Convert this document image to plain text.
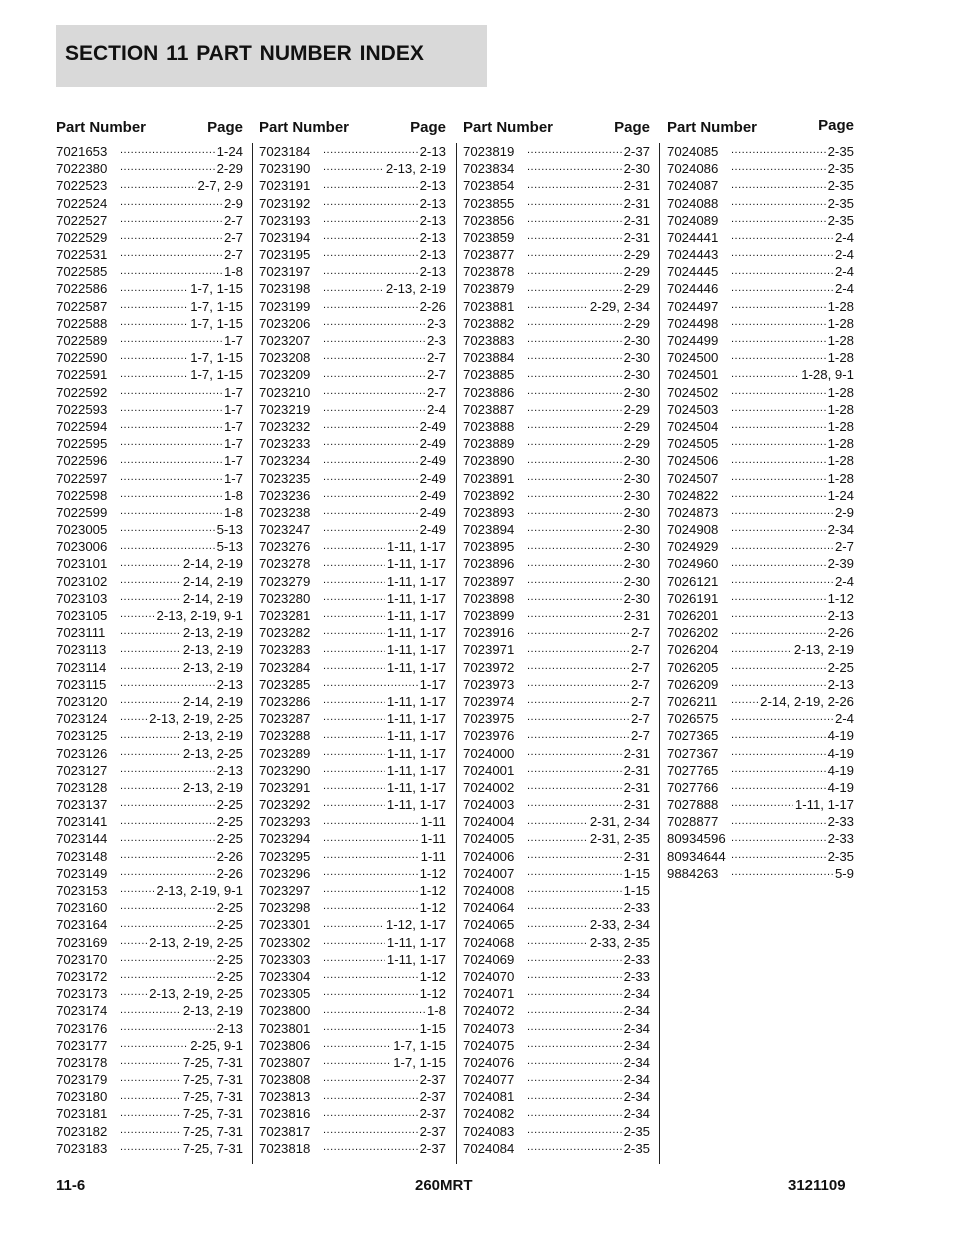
SECTION 11 PART NUMBER INDEX
Part Number	Page
7021653 .....	1-24
7022380 .....	2-29
7022523 .....	2-7, 2-9
7022524 .....	2-9
7022527 .....	2-7
7022529 .....	2-7
7022531 .....	2-7
7022585 .....	1-8
7022586 .....	1-7, 1-15
7022587 .....	1-7, 1-15
7022588 .....	1-7, 1-15
7022589 .....	1-7
7022590 .....	1-7, 1-15
7022591 .....	1-7, 1-15
7022592 .....	1-7
7022593 .....	1-7
7022594 .....	1-7
7022595 .....	1-7
7022596 .....	1-7
7022597 .....	1-7
7022598 .....	1-8
7022599 .....	1-8
7023005 .....	5-13
7023006 .....	5-13
7023101 .....	2-14, 2-19
7023102 .....	2-14, 2-19
7023103 .....	2-14, 2-19
7023105 .....	2-13, 2-19, 9-1
7023111 .....	2-13, 2-19
7023113 .....	2-13, 2-19
7023114 .....	2-13, 2-19
7023115 .....	2-13
7023120 .....	2-14, 2-19
7023124 .....	2-13, 2-19, 2-25
7023125 .....	2-13, 2-19
7023126 .....	2-13, 2-25
7023127 .....	2-13
7023128 .....	2-13, 2-19
7023137 .....	2-25
7023141 .....	2-25
7023144 .....	2-25
7023148 .....	2-26
7023149 .....	2-26
7023153 .....	2-13, 2-19, 9-1
7023160 .....	2-25
7023164 .....	2-25
7023169 .....	2-13, 2-19, 2-25
7023170 .....	2-25
7023172 .....	2-25
7023173 .....	2-13, 2-19, 2-25
7023174 .....	2-13, 2-19
7023176 .....	2-13
7023177 .....	2-25, 9-1
7023178 .....	7-25, 7-31
7023179 .....	7-25, 7-31
7023180 .....	7-25, 7-31
7023181 .....	7-25, 7-31
7023182 .....	7-25, 7-31
7023183 .....	7-25, 7-31
Part Number	Page
7023184 .....	2-13
7023190 .....	2-13, 2-19
7023191 .....	2-13
7023192 .....	2-13
7023193 .....	2-13
7023194 .....	2-13
7023195 .....	2-13
7023197 .....	2-13
7023198 .....	2-13, 2-19
7023199 .....	2-26
7023206 .....	2-3
7023207 .....	2-3
7023208 .....	2-7
7023209 .....	2-7
7023210 .....	2-7
7023219 .....	2-4
7023232 .....	2-49
7023233 .....	2-49
7023234 .....	2-49
7023235 .....	2-49
7023236 .....	2-49
7023238 .....	2-49
7023247 .....	2-49
7023276 .....	1-11, 1-17
7023278 .....	1-11, 1-17
7023279 .....	1-11, 1-17
7023280 .....	1-11, 1-17
7023281 .....	1-11, 1-17
7023282 .....	1-11, 1-17
7023283 .....	1-11, 1-17
7023284 .....	1-11, 1-17
7023285 .....	1-17
7023286 .....	1-11, 1-17
7023287 .....	1-11, 1-17
7023288 .....	1-11, 1-17
7023289 .....	1-11, 1-17
7023290 .....	1-11, 1-17
7023291 .....	1-11, 1-17
7023292 .....	1-11, 1-17
7023293 .....	1-11
7023294 .....	1-11
7023295 .....	1-11
7023296 .....	1-12
7023297 .....	1-12
7023298 .....	1-12
7023301 .....	1-12, 1-17
7023302 .....	1-11, 1-17
7023303 .....	1-11, 1-17
7023304 .....	1-12
7023305 .....	1-12
7023800 .....	1-8
7023801 .....	1-15
7023806 .....	1-7, 1-15
7023807 .....	1-7, 1-15
7023808 .....	2-37
7023813 .....	2-37
7023816 .....	2-37
7023817 .....	2-37
7023818 .....	2-37
Part Number	Page
7023819 .....	2-37
7023834 .....	2-30
7023854 .....	2-31
7023855 .....	2-31
7023856 .....	2-31
7023859 .....	2-31
7023877 .....	2-29
7023878 .....	2-29
7023879 .....	2-29
7023881 .....	2-29, 2-34
7023882 .....	2-29
7023883 .....	2-30
7023884 .....	2-30
7023885 .....	2-30
7023886 .....	2-30
7023887 .....	2-29
7023888 .....	2-29
7023889 .....	2-29
7023890 .....	2-30
7023891 .....	2-30
7023892 .....	2-30
7023893 .....	2-30
7023894 .....	2-30
7023895 .....	2-30
7023896 .....	2-30
7023897 .....	2-30
7023898 .....	2-30
7023899 .....	2-31
7023916 .....	2-7
7023971 .....	2-7
7023972 .....	2-7
7023973 .....	2-7
7023974 .....	2-7
7023975 .....	2-7
7023976 .....	2-7
7024000 .....	2-31
7024001 .....	2-31
7024002 .....	2-31
7024003 .....	2-31
7024004 .....	2-31, 2-34
7024005 .....	2-31, 2-35
7024006 .....	2-31
7024007 .....	1-15
7024008 .....	1-15
7024064 .....	2-33
7024065 .....	2-33, 2-34
7024068 .....	2-33, 2-35
7024069 .....	2-33
7024070 .....	2-33
7024071 .....	2-34
7024072 .....	2-34
7024073 .....	2-34
7024075 .....	2-34
7024076 .....	2-34
7024077 .....	2-34
7024081 .....	2-34
7024082 .....	2-34
7024083 .....	2-35
7024084 .....	2-35
Part Number	Page
7024085 .....	2-35
7024086 .....	2-35
7024087 .....	2-35
7024088 .....	2-35
7024089 .....	2-35
7024441 .....	2-4
7024443 .....	2-4
7024445 .....	2-4
7024446 .....	2-4
7024497 .....	1-28
7024498 .....	1-28
7024499 .....	1-28
7024500 .....	1-28
7024501 .....	1-28, 9-1
7024502 .....	1-28
7024503 .....	1-28
7024504 .....	1-28
7024505 .....	1-28
7024506 .....	1-28
7024507 .....	1-28
7024822 .....	1-24
7024873 .....	2-9
7024908 .....	2-34
7024929 .....	2-7
7024960 .....	2-39
7026121 .....	2-4
7026191 .....	1-12
7026201 .....	2-13
7026202 .....	2-26
7026204 .....	2-13, 2-19
7026205 .....	2-25
7026209 .....	2-13
7026211 .....	2-14, 2-19, 2-26
7026575 .....	2-4
7027365 .....	4-19
7027367 .....	4-19
7027765 .....	4-19
7027766 .....	4-19
7027888 .....	1-11, 1-17
7028877 .....	2-33
80934596 .....	2-33
80934644 .....	2-35
9884263 .....	5-9
11-6	260MRT	3121109
